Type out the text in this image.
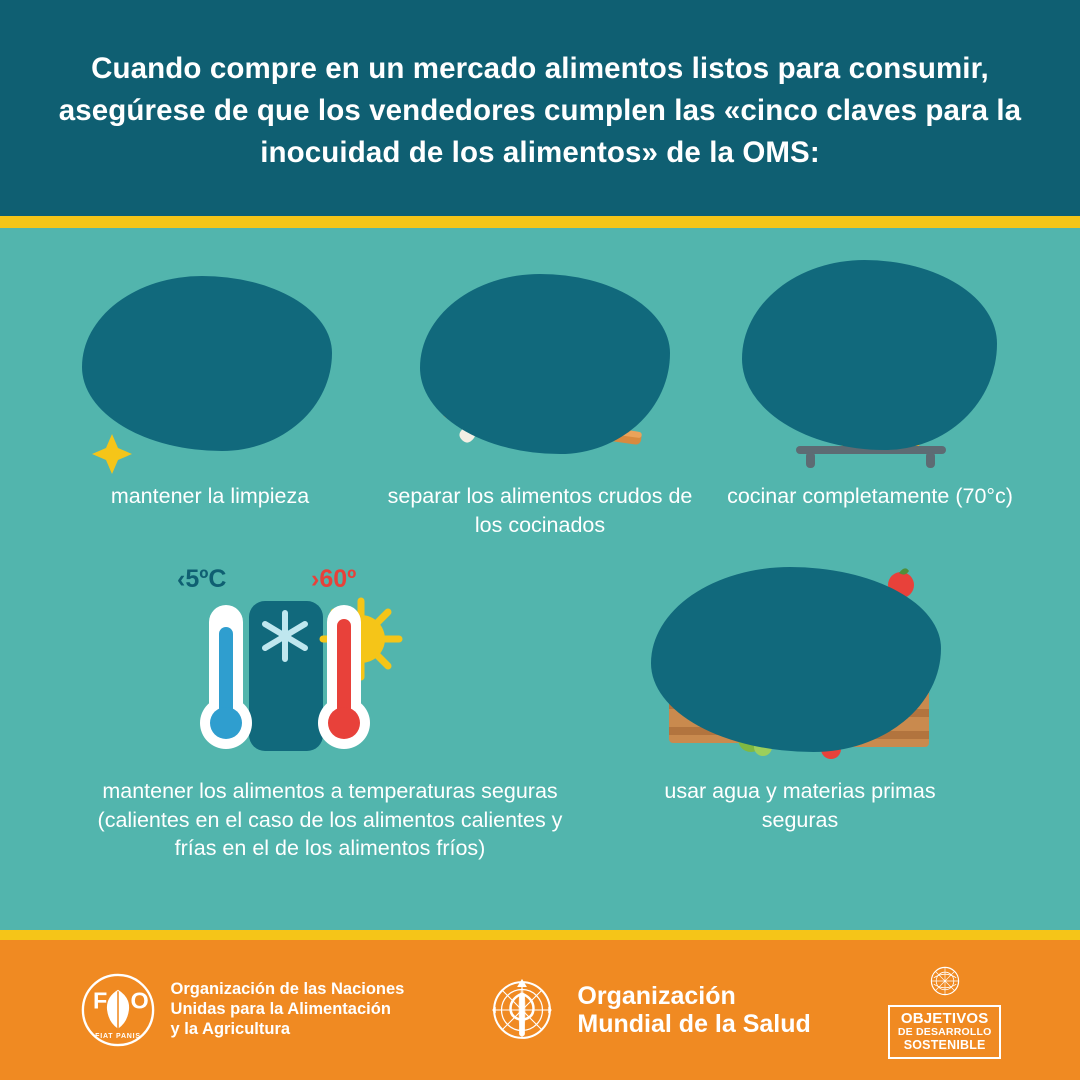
Cuando compre en un mercado alimentos listos para consumir, asegúrese de que los vendedores cumplen las «cinco claves para la inocuidad de los alimentos» de la OMS:
mantener la limpieza	separar los alimentos crudos de los cocinados
cocinar completamente (70°c)
‹5ºC	›60º
mantener los alimentos a temperaturas seguras (calientes en el caso de los alimentos calientes y frías en el de los alimentos fríos)
usar agua y materias primas seguras
F O
FIAT PANIS
Organización de las Naciones
Unidas para la Alimentación
y la Agricultura
Organización
Mundial de la Salud	OBJETIVOS
DE DESARROLLO
SOSTENIBLE
